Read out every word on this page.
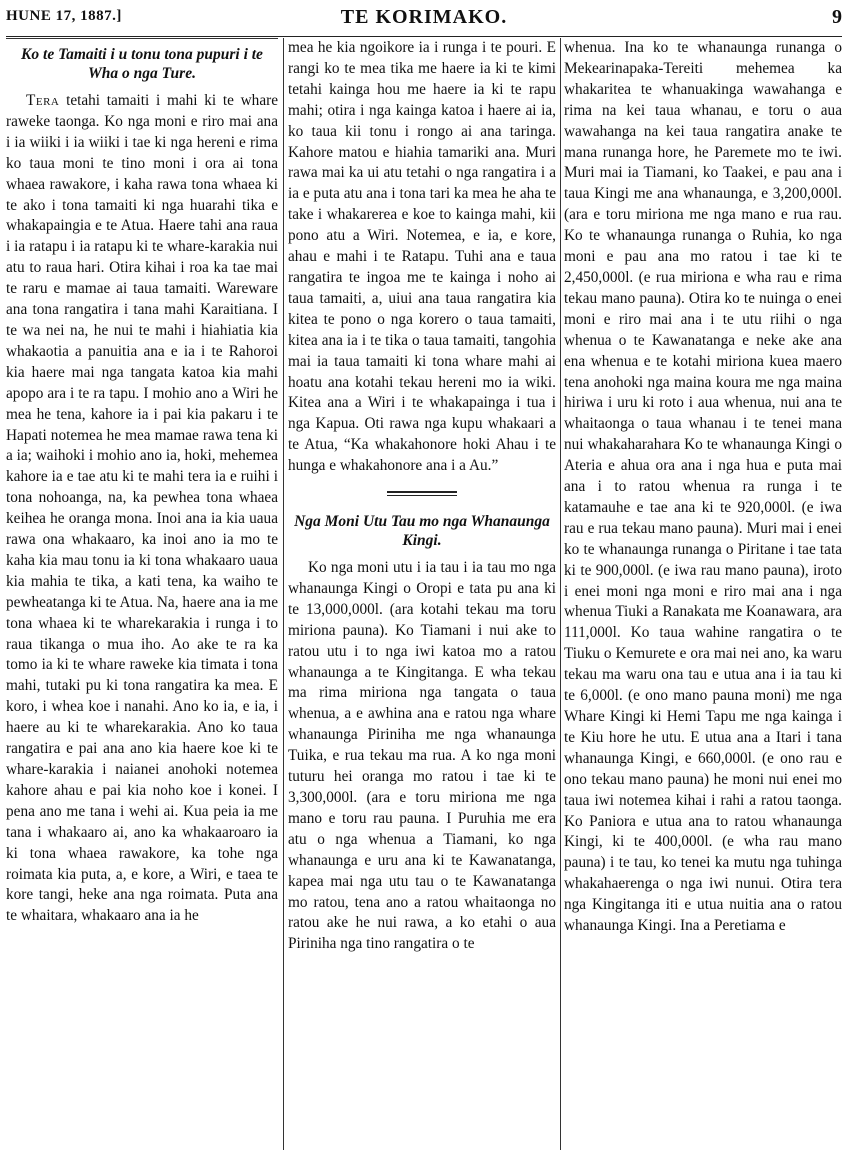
HUNE 17, 1887.]	TE KORIMAKO.	9
Ko te Tamaiti i u tonu tona pupuri i te Wha o nga Ture.

Tera tetahi tamaiti i mahi ki te whare raweke taonga. Ko nga moni e riro mai ana i ia wiiki i ia wiiki i tae ki nga hereni e rima ko taua moni te tino moni i ora ai tona whaea rawakore, i kaha rawa tona whaea ki te ako i tona tamaiti ki nga huarahi tika e whakapaingia e te Atua. Haere tahi ana raua i ia ratapu i ia ratapu ki te whare-karakia nui atu to raua hari. Otira kihai i roa ka tae mai te raru e mamae ai taua tamaiti. Wareware ana tona rangatira i tana mahi Karaitiana. I te wa nei na, he nui te mahi i hiahiatia kia whakaotia a panuitia ana e ia i te Rahoroi kia haere mai nga tangata katoa kia mahi apopo ara i te ra tapu. I mohio ano a Wiri he mea he tena, kahore ia i pai kia pakaru i te Hapati notemea he mea mamae rawa tena ki a ia; waihoki i mohio ano ia, hoki, mehemea kahore ia e tae atu ki te mahi tera ia e ruihi i tona nohoanga, na, ka pewhea tona whaea keihea he oranga mona. Inoi ana ia kia uaua rawa ona whakaaro, ka inoi ano ia mo te kaha kia mau tonu ia ki tona whakaaro uaua kia mahia te tika, a kati tena, ka waiho te pewheatanga ki te Atua. Na, haere ana ia me tona whaea ki te wharekarakia i runga i to raua tikanga o mua iho. Ao ake te ra ka tomo ia ki te whare raweke kia timata i tona mahi, tutaki pu ki tona rangatira ka mea. E koro, i whea koe i nanahi. Ano ko ia, e ia, i haere au ki te wharekarakia. Ano ko taua rangatira e pai ana ano kia haere koe ki te whare-karakia i naianei anohoki notemea kahore ahau e pai kia noho koe i konei. I pena ano me tana i wehi ai. Kua peia ia me tana i whakaaro ai, ano ka whakaaroaro ia ki tona whaea rawakore, ka tohe nga roimata kia puta, a, e kore, a Wiri, e taea te kore tangi, heke ana nga roimata. Puta ana te whaitara, whakaaro ana ia he

mea he kia ngoikore ia i runga i te pouri. E rangi ko te mea tika me haere ia ki te kimi tetahi kainga hou me haere ia ki te rapu mahi; otira i nga kainga katoa i haere ai ia, ko taua kii tonu i rongo ai ana taringa. Kahore matou e hiahia tamariki ana. Muri rawa mai ka ui atu tetahi o nga rangatira i a ia e puta atu ana i tona tari ka mea he aha te take i whakarerea e koe to kainga mahi, kii pono atu a Wiri. Notemea, e ia, e kore, ahau e mahi i te Ratapu. Tuhi ana e taua rangatira te ingoa me te kainga i noho ai taua tamaiti, a, uiui ana taua rangatira kia kitea te pono o nga korero o taua tamaiti, kitea ana ia i te tika o taua tamaiti, tangohia mai ia taua tamaiti ki tona whare mahi ai hoatu ana kotahi tekau hereni mo ia wiki. Kitea ana a Wiri i te whakapainga i tua i nga Kapua. Oti rawa nga kupu whakaari a te Atua, “Ka whakahonore hoki Ahau i te hunga e whakahonore ana i a Au.”

Nga Moni Utu Tau mo nga Whanaunga Kingi.

Ko nga moni utu i ia tau i ia tau mo nga whanaunga Kingi o Oropi e tata pu ana ki te 13,000,000l. (ara kotahi tekau ma toru miriona pauna). Ko Tiamani i nui ake to ratou utu i to nga iwi katoa mo a ratou whanaunga a te Kingitanga. E wha tekau ma rima miriona nga tangata o taua whenua, a e awhina ana e ratou nga whare whanaunga Piriniha me nga whanaunga Tuika, e rua tekau ma rua. A ko nga moni tuturu hei oranga mo ratou i tae ki te 3,300,000l. (ara e toru miriona me nga mano e toru rau pauna. I Puruhia me era atu o nga whenua a Tiamani, ko nga whanaunga e uru ana ki te Kawanatanga, kapea mai nga utu tau o te Kawanatanga mo ratou, tena ano a ratou whaitaonga no ratou ake he nui rawa, a ko etahi o aua Piriniha nga tino rangatira o te

whenua. Ina ko te whanaunga runanga o Mekearinapaka-Tereiti mehemea ka whakaritea te whanuakinga wawahanga e rima na kei taua whanau, e toru o aua wawahanga na kei taua rangatira anake te mana runanga hore, he Paremete mo te iwi. Muri mai ia Tiamani, ko Taakei, e pau ana i taua Kingi me ana whanaunga, e 3,200,000l. (ara e toru miriona me nga mano e rua rau. Ko te whanaunga runanga o Ruhia, ko nga moni e pau ana mo ratou i tae ki te 2,450,000l. (e rua miriona e wha rau e rima tekau mano pauna). Otira ko te nuinga o enei moni e riro mai ana i te utu riihi o nga whenua o te Kawanatanga e neke ake ana ena whenua e te kotahi miriona kuea maero tena anohoki nga maina koura me nga maina hiriwa i uru ki roto i aua whenua, nui ana te whaitaonga o taua whanau i te tenei mana nui whakaharahara Ko te whanaunga Kingi o Ateria e ahua ora ana i nga hua e puta mai ana i to ratou whenua ra runga i te katamauhe e tae ana ki te 920,000l. (e iwa rau e rua tekau mano pauna). Muri mai i enei ko te whanaunga runanga o Piritane i tae tata ki te 900,000l. (e iwa rau mano pauna), iroto i enei moni nga moni e riro mai ana i nga whenua Tiuki a Ranakata me Koanawara, ara 111,000l. Ko taua wahine rangatira o te Tiuku o Kemurete e ora mai nei ano, ka waru tekau ma waru ona tau e utua ana i ia tau ki te 6,000l. (e ono mano pauna moni) me nga Whare Kingi ki Hemi Tapu me nga kainga i te Kiu hore he utu. E utua ana a Itari i tana whanaunga Kingi, e 660,000l. (e ono rau e ono tekau mano pauna) he moni nui enei mo taua iwi notemea kihai i rahi a ratou taonga. Ko Paniora e utua ana to ratou whanaunga Kingi, ki te 400,000l. (e wha rau mano pauna) i te tau, ko tenei ka mutu nga tuhinga whakahaerenga o nga iwi nunui. Otira tera nga Kingitanga iti e utua nuitia ana o ratou whanaunga Kingi. Ina a Peretiama e
